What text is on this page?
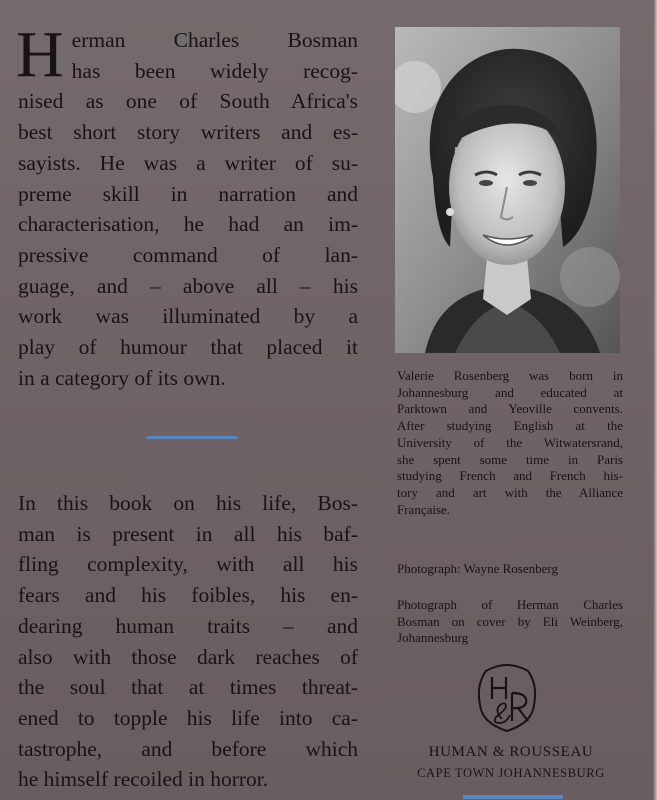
H erman Charles Bosman
has been widely recog-
nised as one of South Africa's
best short story writers and es-
sayists. He was a writer of su-
preme skill in narration and
characterisation, he had an im-
pressive command of lan-
guage, and – above all – his
work was illuminated by a
play of humour that placed it
in a category of its own.

In this book on his life, Bos-
man is present in all his baf-
fling complexity, with all his
fears and his foibles, his en-
dearing human traits – and
also with those dark reaches of
the soul that at times threat-
ened to topple his life into ca-
tastrophe, and before which
he himself recoiled in horror.

Valerie Rosenberg was born in
Johannesburg and educated at
Parktown and Yeoville convents.
After studying English at the
University of the Witwatersrand,
she spent some time in Paris
studying French and French his-
tory and art with the Alliance
Française.

Photograph: Wayne Rosenberg

Photograph of Herman Charles
Bosman on cover by Eli Weinberg,
Johannesburg

HUMAN & ROUSSEAU

CAPE TOWN JOHANNESBURG
